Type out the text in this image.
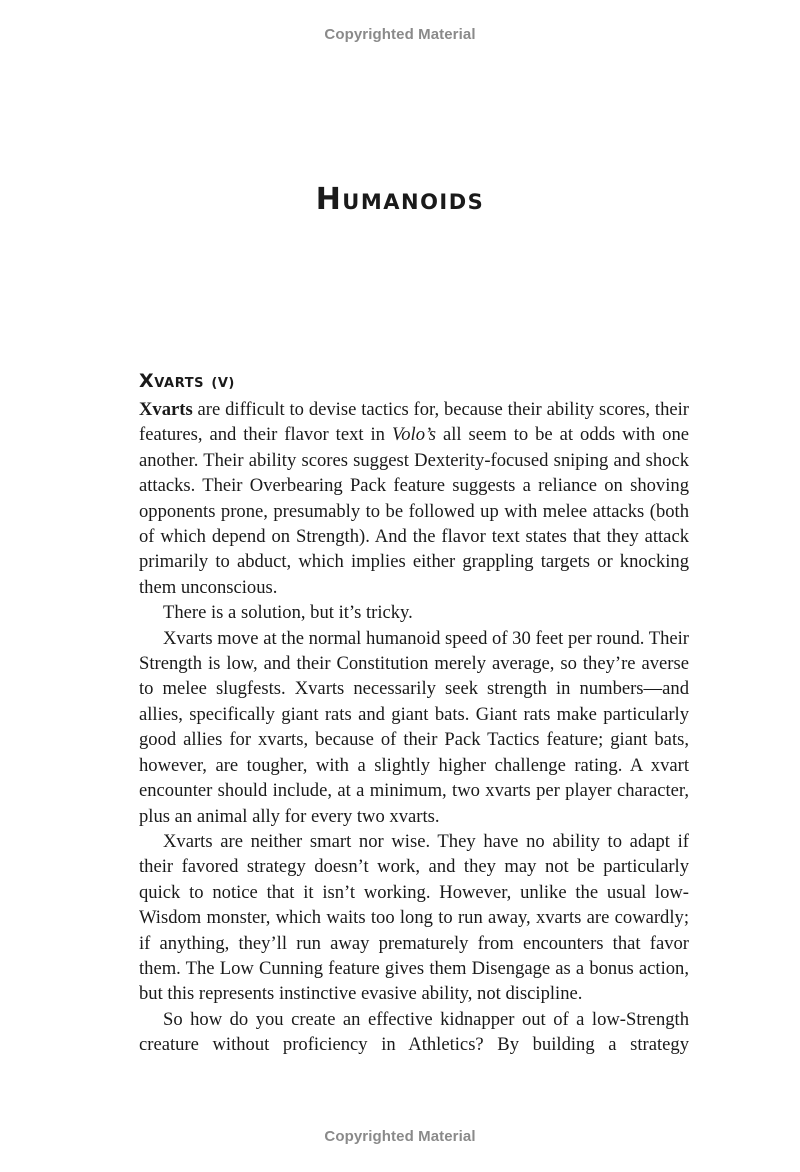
Copyrighted Material
Humanoids
Xvarts (V)

Xvarts are difficult to devise tactics for, because their ability scores, their features, and their flavor text in Volo’s all seem to be at odds with one another. Their ability scores suggest Dexterity-focused sniping and shock attacks. Their Overbearing Pack feature suggests a reliance on shoving opponents prone, presumably to be followed up with melee attacks (both of which depend on Strength). And the flavor text states that they attack primarily to abduct, which implies either grappling targets or knocking them unconscious.

There is a solution, but it’s tricky.

Xvarts move at the normal humanoid speed of 30 feet per round. Their Strength is low, and their Constitution merely average, so they’re averse to melee slugfests. Xvarts necessarily seek strength in numbers—and allies, specifically giant rats and giant bats. Giant rats make particularly good allies for xvarts, because of their Pack Tactics feature; giant bats, however, are tougher, with a slightly higher challenge rating. A xvart encounter should include, at a minimum, two xvarts per player character, plus an animal ally for every two xvarts.

Xvarts are neither smart nor wise. They have no ability to adapt if their favored strategy doesn’t work, and they may not be particularly quick to notice that it isn’t working. However, unlike the usual low-Wisdom monster, which waits too long to run away, xvarts are cowardly; if anything, they’ll run away prematurely from encounters that favor them. The Low Cunning feature gives them Disengage as a bonus action, but this represents instinctive evasive ability, not discipline.

So how do you create an effective kidnapper out of a low-Strength creature without proficiency in Athletics? By building a strategy

Copyrighted Material
